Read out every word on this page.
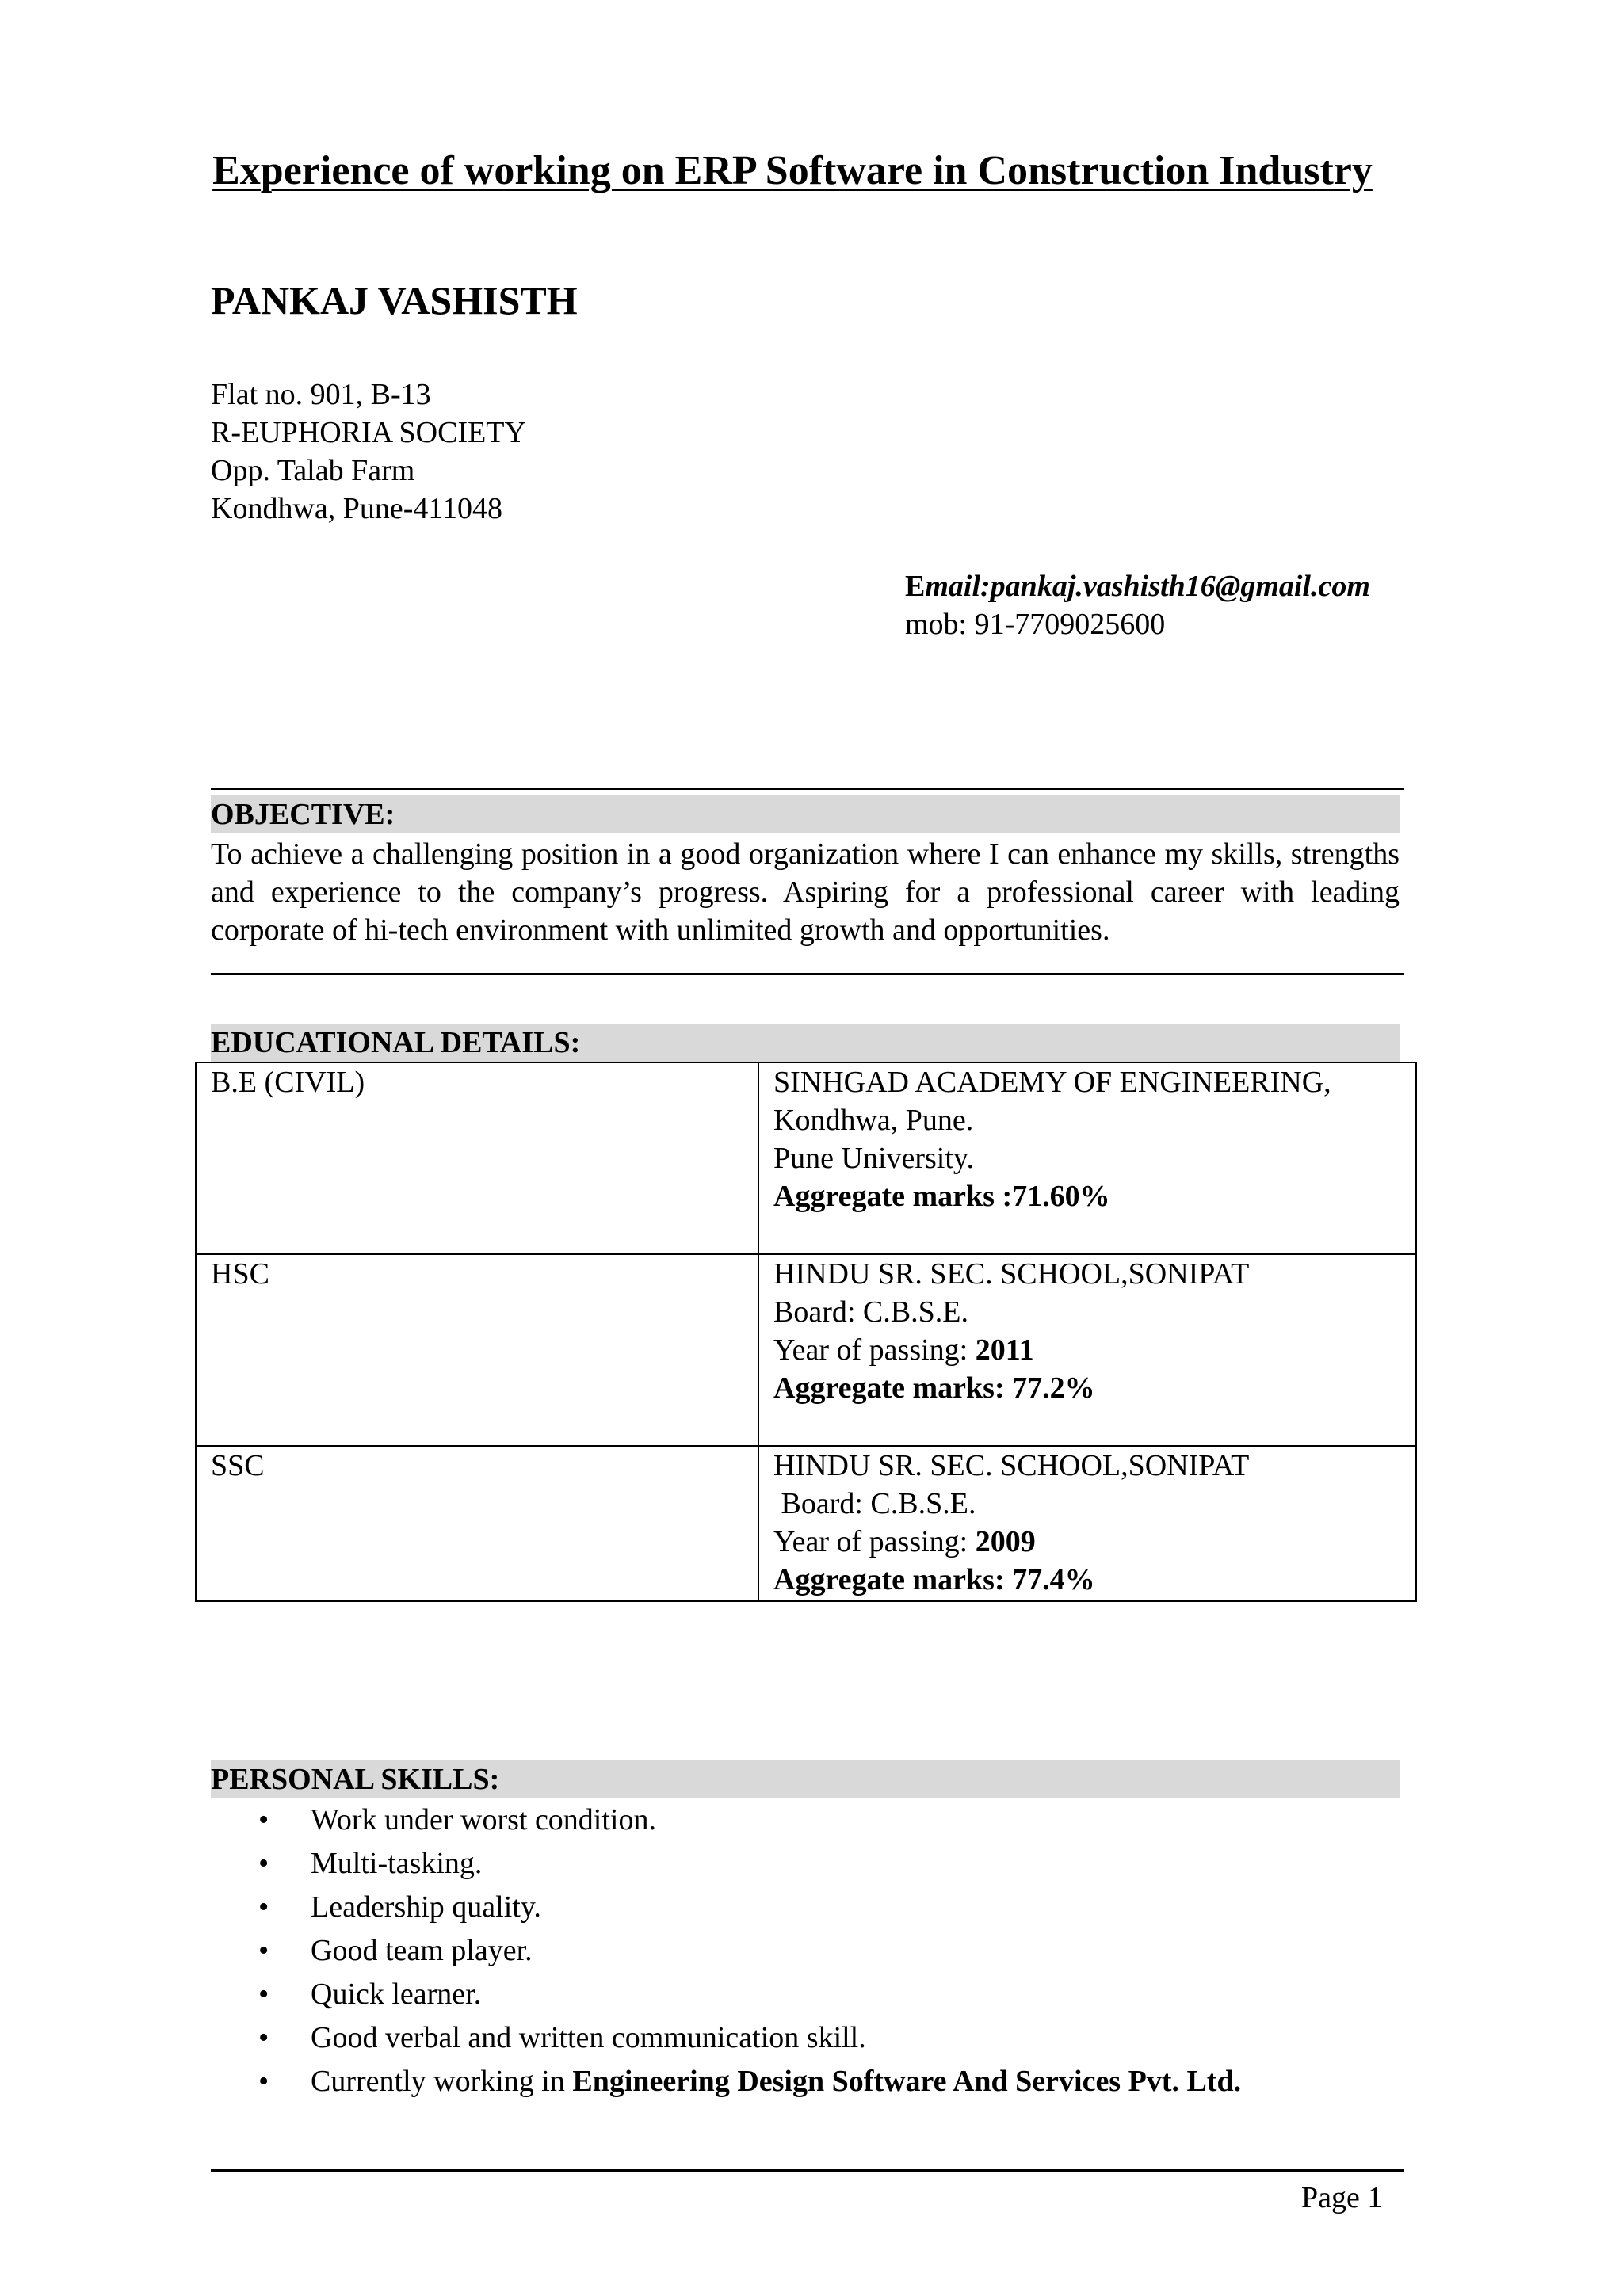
Experience of working on ERP Software in Construction Industry
PANKAJ VASHISTH
Flat no. 901, B-13
R-EUPHORIA SOCIETY
Opp. Talab Farm
Kondhwa, Pune-411048
Email:pankaj.vashisth16@gmail.com
mob: 91-7709025600
OBJECTIVE:
To achieve a challenging position in a good organization where I can enhance my skills, strengths and experience to the company’s progress. Aspiring for a professional career with leading corporate of hi-tech environment with unlimited growth and opportunities.
EDUCATIONAL DETAILS:
B.E (CIVIL)	SINHGAD ACADEMY OF ENGINEERING,
Kondhwa, Pune.
Pune University.
Aggregate marks :71.60%

HSC	HINDU SR. SEC. SCHOOL,SONIPAT
Board: C.B.S.E.
Year of passing: 2011
Aggregate marks: 77.2%

SSC	HINDU SR. SEC. SCHOOL,SONIPAT
Board: C.B.S.E.
Year of passing: 2009
Aggregate marks: 77.4%
PERSONAL SKILLS:
• Work under worst condition.
• Multi-tasking.
• Leadership quality.
• Good team player.
• Quick learner.
• Good verbal and written communication skill.
• Currently working in Engineering Design Software And Services Pvt. Ltd.
Page 1
